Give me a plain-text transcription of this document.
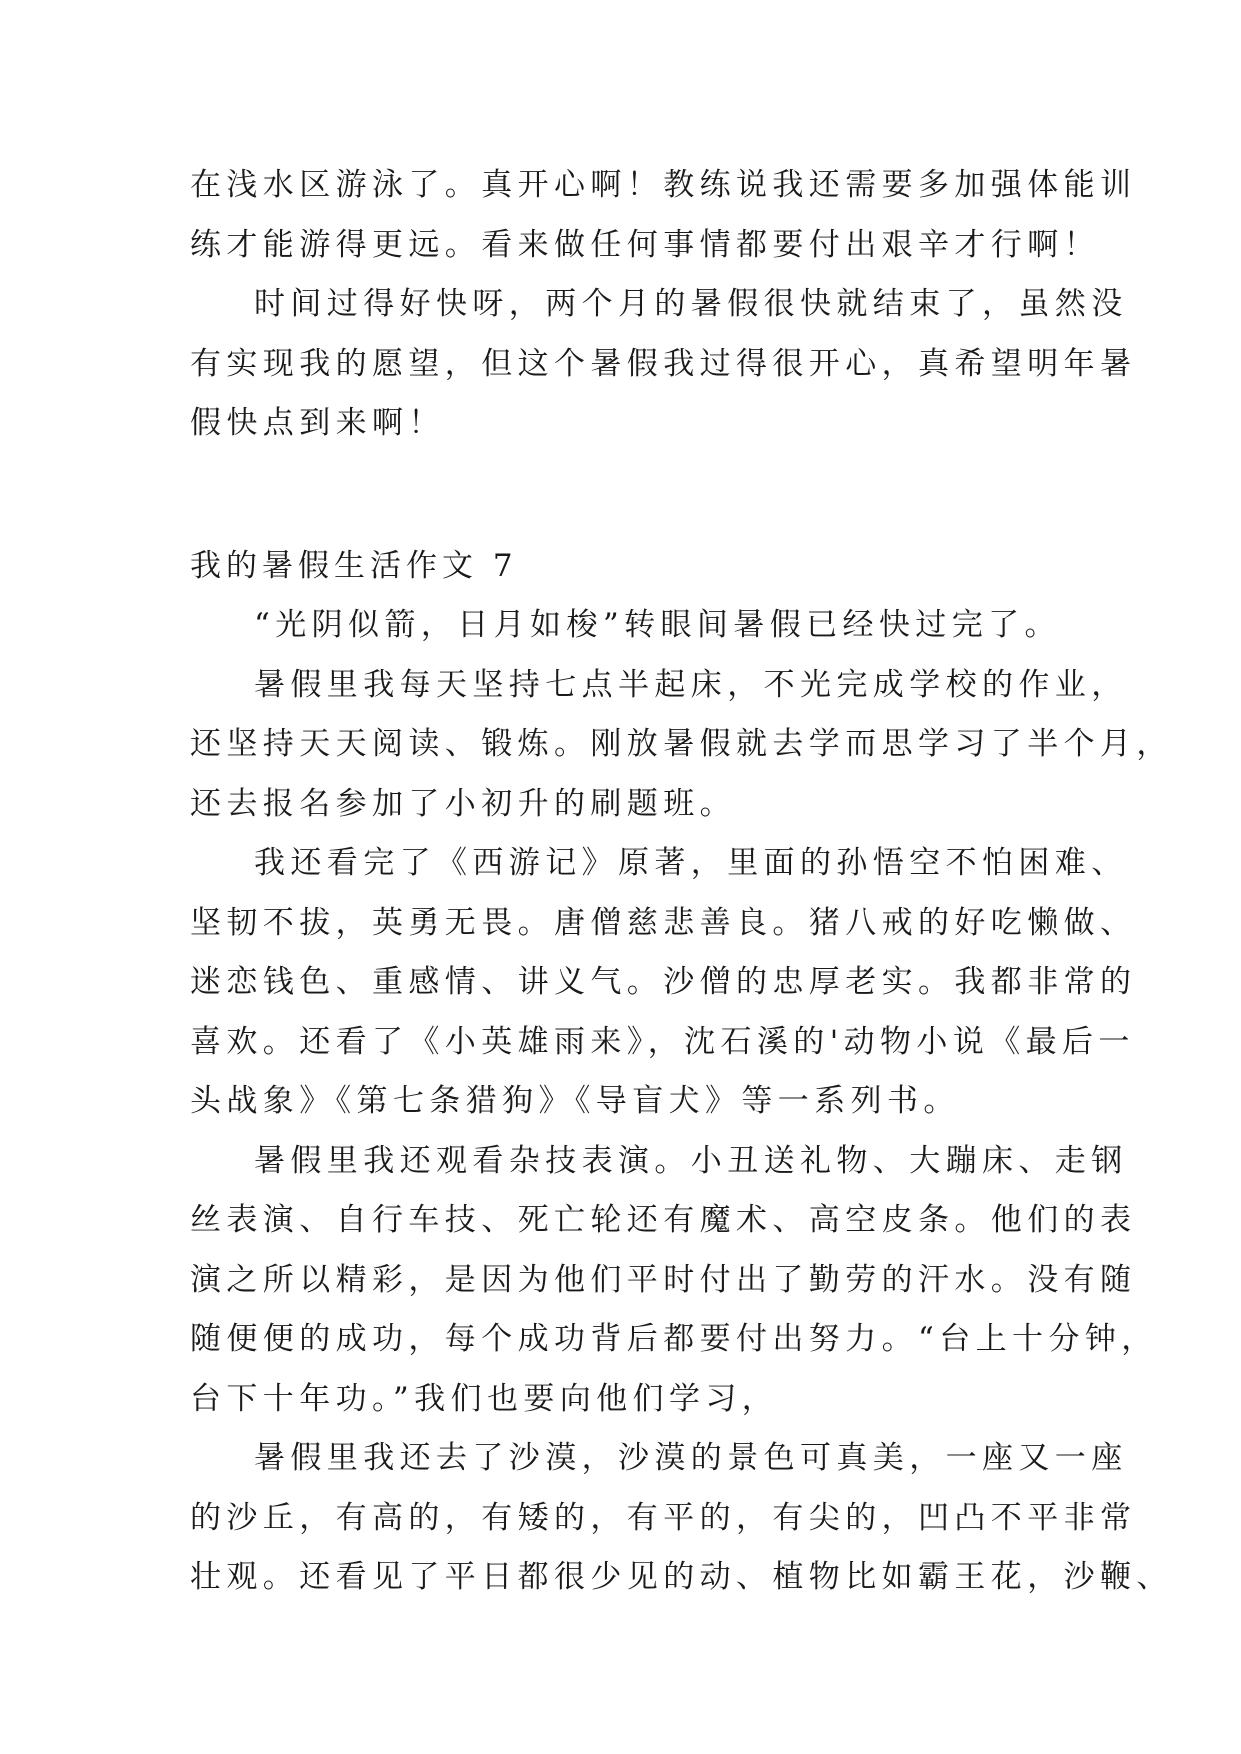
在浅水区游泳了。真开心啊！教练说我还需要多加强体能训
练才能游得更远。看来做任何事情都要付出艰辛才行啊！
时间过得好快呀，两个月的暑假很快就结束了，虽然没
有实现我的愿望，但这个暑假我过得很开心，真希望明年暑
假快点到来啊！
我的暑假生活作文 7
“光阴似箭，日月如梭”转眼间暑假已经快过完了。
暑假里我每天坚持七点半起床，不光完成学校的作业，
还坚持天天阅读、锻炼。刚放暑假就去学而思学习了半个月，
还去报名参加了小初升的刷题班。
我还看完了《西游记》原著，里面的孙悟空不怕困难、
坚韧不拔，英勇无畏。唐僧慈悲善良。猪八戒的好吃懒做、
迷恋钱色、重感情、讲义气。沙僧的忠厚老实。我都非常的
喜欢。还看了《小英雄雨来》，沈石溪的'动物小说《最后一
头战象》《第七条猎狗》《导盲犬》等一系列书。
暑假里我还观看杂技表演。小丑送礼物、大蹦床、走钢
丝表演、自行车技、死亡轮还有魔术、高空皮条。他们的表
演之所以精彩，是因为他们平时付出了勤劳的汗水。没有随
随便便的成功，每个成功背后都要付出努力。“台上十分钟，
台下十年功。”我们也要向他们学习，
暑假里我还去了沙漠，沙漠的景色可真美，一座又一座
的沙丘，有高的，有矮的，有平的，有尖的，凹凸不平非常
壮观。还看见了平日都很少见的动、植物比如霸王花，沙鞭、
